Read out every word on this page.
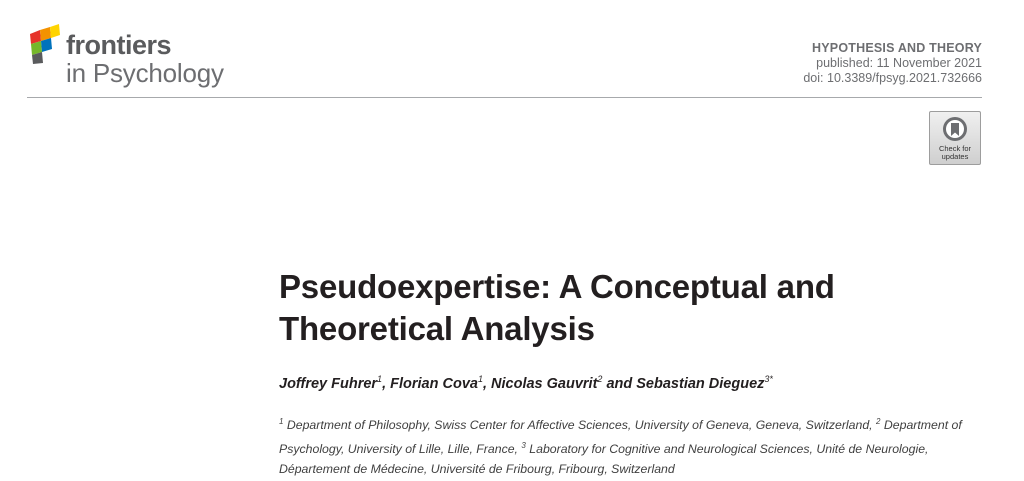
frontiers
in Psychology
HYPOTHESIS AND THEORY
published: 11 November 2021
doi: 10.3389/fpsyg.2021.732666
Check for
updates
Pseudoexpertise: A Conceptual and
Theoretical Analysis
Joffrey Fuhrer$^1$, Florian Cova$^1$, Nicolas Gauvrit$^2$ and Sebastian Dieguez$^{3*}$
$^1$ Department of Philosophy, Swiss Center for Affective Sciences, University of Geneva, Geneva, Switzerland, $^2$ Department of Psychology, University of Lille, Lille, France, $^3$ Laboratory for Cognitive and Neurological Sciences, Unité de Neurologie, Département de Médecine, Université de Fribourg, Fribourg, Switzerland
